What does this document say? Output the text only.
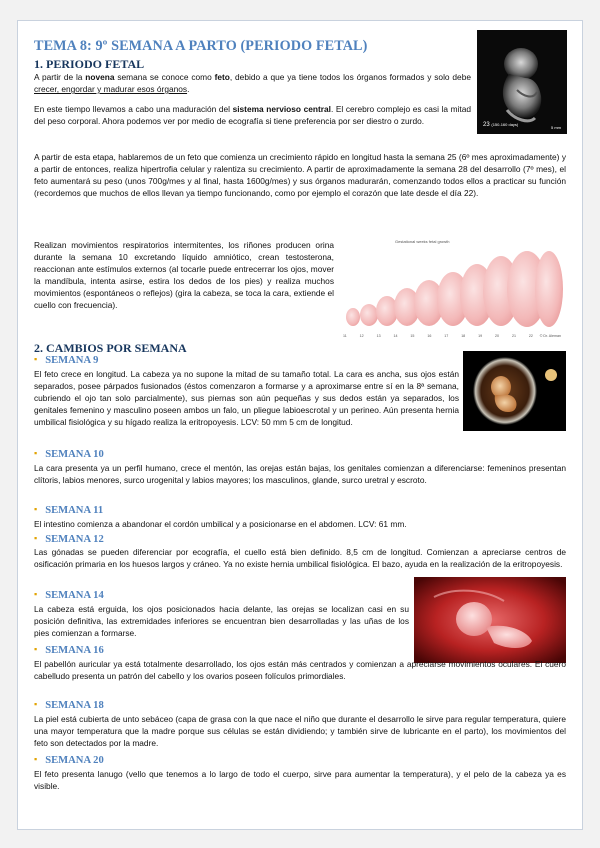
TEMA 8: 9º SEMANA A PARTO (PERIODO FETAL)
1. PERIODO FETAL
23 (150-160 days)
5 mm
A partir de la novena semana se conoce como feto, debido a que ya tiene todos los órganos formados y solo debe crecer, engordar y madurar esos órganos.
En este tiempo llevamos a cabo una maduración del sistema nervioso central. El cerebro complejo es casi la mitad del peso corporal. Ahora podemos ver por medio de ecografía si tiene preferencia por ser diestro o zurdo.
A partir de esta etapa, hablaremos de un feto que comienza un crecimiento rápido en longitud hasta la semana 25 (6º mes aproximadamente) y a partir de entonces, realiza hipertrofia celular y ralentiza su crecimiento. A partir de aproximadamente la semana 28 del desarrollo (7º mes), el feto aumentará su peso (unos 700g/mes y al final, hasta 1600g/mes) y sus órganos madurarán, comenzando todos ellos a practicar su función (recordemos que muchos de ellos llevan ya tiempo funcionando, como por ejemplo el corazón que late desde el día 22).
Gestational weeks fetal growth
11	12	13	14	15	16	17	18	19	20	21	22 © Dr. Aleman
Realizan movimientos respiratorios intermitentes, los riñones producen orina durante la semana 10 excretando líquido amniótico, crean testosterona, reaccionan ante estímulos externos (al tocarle puede entrecerrar los ojos, mover la mandíbula, intenta asirse, estira los dedos de los pies) y realiza muchos movimientos (espontáneos o reflejos) (gira la cabeza, se toca la cara, extiende el cuello con frecuencia).
2. CAMBIOS POR SEMANA
▪ SEMANA 9
El feto crece en longitud. La cabeza ya no supone la mitad de su tamaño total. La cara es ancha, sus ojos están separados, posee párpados fusionados (éstos comenzaron a formarse y a aproximarse entre sí en la 8ª semana, cubriendo el ojo tan solo parcialmente), sus piernas son aún pequeñas y sus dedos están ya separados, los genitales femenino y masculino poseen ambos un falo, un pliegue labioescrotal y un perineo. Aún presenta hernia umbilical fisiológica y su hígado realiza la eritropoyesis. LCV: 50 mm 5 cm de longitud.
▪ SEMANA 10
La cara presenta ya un perfil humano, crece el mentón, las orejas están bajas, los genitales comienzan a diferenciarse: femeninos presentan clítoris, labios menores, surco urogenital y labios mayores; los masculinos, glande, surco uretral y escroto.
▪ SEMANA 11
El intestino comienza a abandonar el cordón umbilical y a posicionarse en el abdomen. LCV: 61 mm.
▪ SEMANA 12
Las gónadas se pueden diferenciar por ecografía, el cuello está bien definido. 8,5 cm de longitud. Comienzan a apreciarse centros de osificación primaria en los huesos largos y cráneo. Ya no existe hernia umbilical fisiológica. El bazo, ayuda en la realización de la eritropoyesis.
▪ SEMANA 14
La cabeza está erguida, los ojos posicionados hacia delante, las orejas se localizan casi en su posición definitiva, las extremidades inferiores se encuentran bien desarrolladas y las uñas de los pies comienzan a formarse.
▪ SEMANA 16
El pabellón auricular ya está totalmente desarrollado, los ojos están más centrados y comienzan a apreciarse movimientos oculares. El cuero cabelludo presenta un patrón del cabello y los ovarios poseen folículos primordiales.
▪ SEMANA 18
La piel está cubierta de unto sebáceo (capa de grasa con la que nace el niño que durante el desarrollo le sirve para regular temperatura, quiere una mayor temperatura que la madre porque sus células se están dividiendo; y también sirve de lubricante en el parto), los movimientos del feto son detectados por la madre.
▪ SEMANA 20
El feto presenta lanugo (vello que tenemos a lo largo de todo el cuerpo, sirve para aumentar la temperatura), y el pelo de la cabeza ya es visible.
